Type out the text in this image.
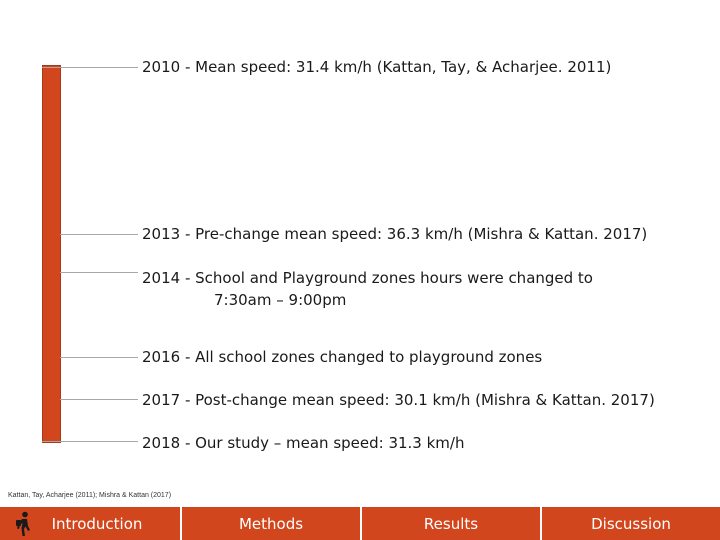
2010 - Mean speed: 31.4 km/h (Kattan, Tay, & Acharjee. 2011)
2013 - Pre-change mean speed: 36.3 km/h (Mishra & Kattan. 2017)
2014 - School and Playground zones hours were changed to
7:30am – 9:00pm
2016 - All school zones changed to playground zones
2017 - Post-change mean speed: 30.1 km/h (Mishra & Kattan. 2017)
2018 - Our study – mean speed: 31.3 km/h
Kattan, Tay, Acharjee (2011); Mishra & Kattan (2017)
Introduction	Methods	Results	Discussion
